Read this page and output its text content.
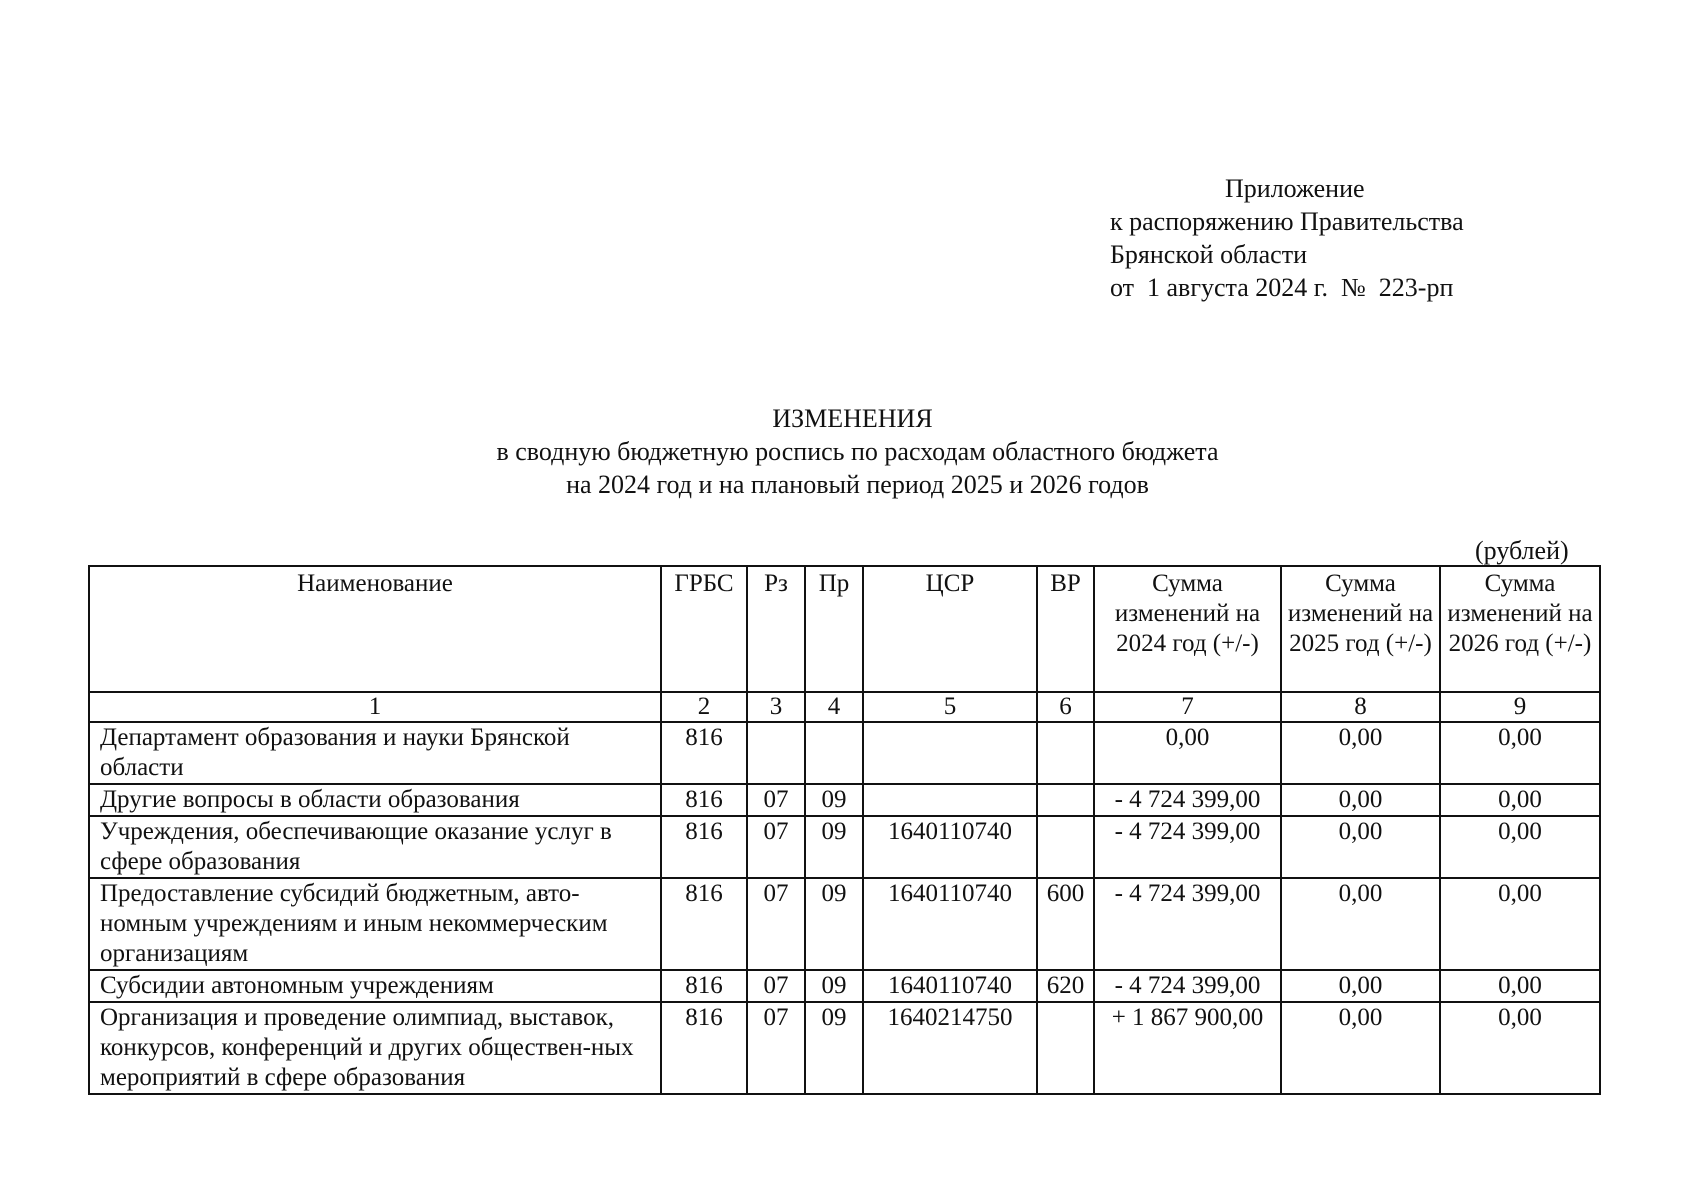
Приложение
к распоряжению Правительства
Брянской области
от  1 августа 2024 г.  №  223-рп
ИЗМЕНЕНИЯ
в сводную бюджетную роспись по расходам областного бюджета
на 2024 год и на плановый период 2025 и 2026 годов
(рублей)
Наименование	ГРБС	Рз	Пр	ЦСР	ВР	Сумма изменений на 2024 год (+/-)	Сумма изменений на 2025 год (+/-)	Сумма изменений на 2026 год (+/-)
1	2	3	4	5	6	7	8	9
Департамент образования и науки Брянской области	816					0,00	0,00	0,00
Другие вопросы в области образования	816	07	09			- 4 724 399,00	0,00	0,00
Учреждения, обеспечивающие оказание услуг в сфере образования	816	07	09	1640110740		- 4 724 399,00	0,00	0,00
Предоставление субсидий бюджетным, авто-номным учреждениям и иным некоммерческим организациям	816	07	09	1640110740	600	- 4 724 399,00	0,00	0,00
Субсидии автономным учреждениям	816	07	09	1640110740	620	- 4 724 399,00	0,00	0,00
Организация и проведение олимпиад, выставок, конкурсов, конференций и других обществен-ных мероприятий в сфере образования	816	07	09	1640214750		+ 1 867 900,00	0,00	0,00
